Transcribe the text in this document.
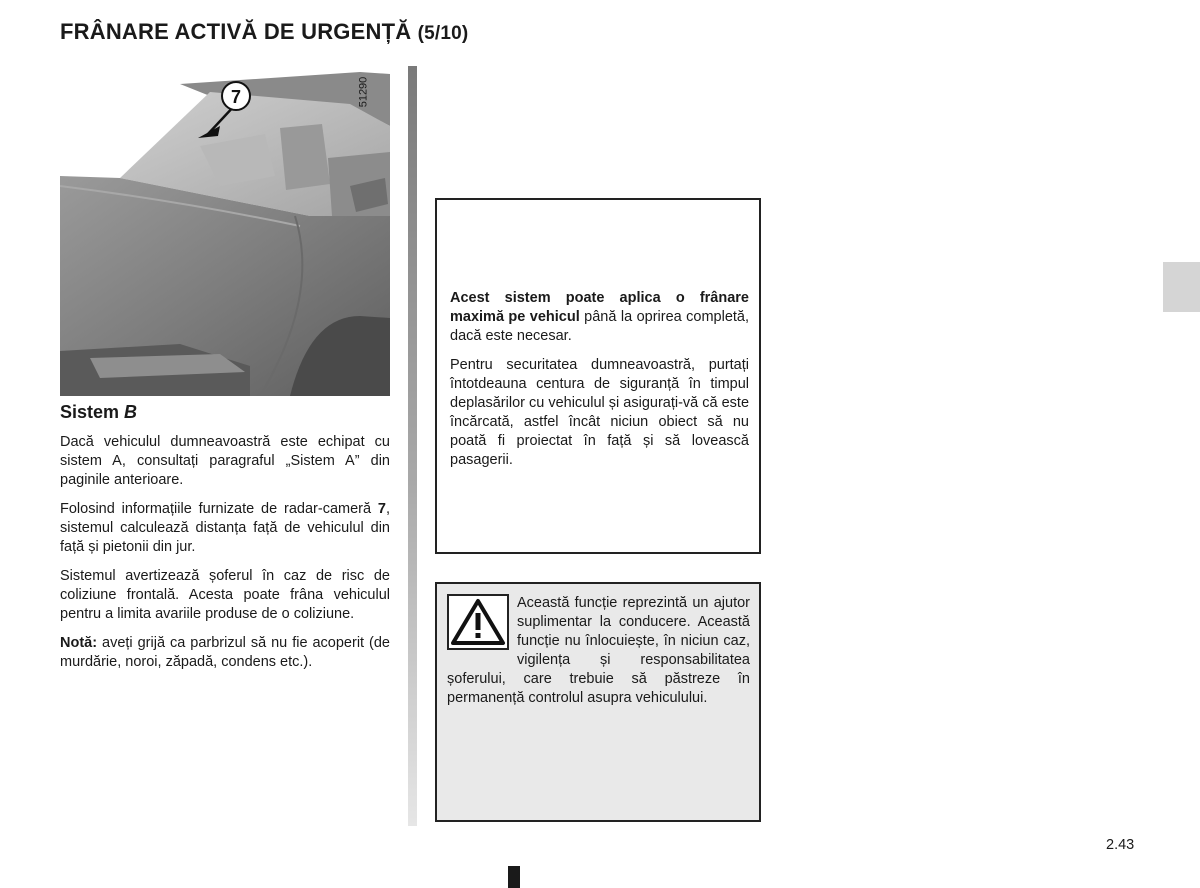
FRÂNARE ACTIVĂ DE URGENȚĂ (5/10)
7	51290
Sistem B

Dacă vehiculul dumneavoastră este echipat cu sistem A, consultați paragraful „Sistem A” din paginile anterioare.

Folosind informațiile furnizate de radar-cameră 7, sistemul calculează distanța față de vehiculul din față și pietonii din jur.

Sistemul avertizează șoferul în caz de risc de coliziune frontală. Acesta poate frâna vehiculul pentru a limita avariile produse de o coliziune.

Notă: aveți grijă ca parbrizul să nu fie acoperit (de murdărie, noroi, zăpadă, condens etc.).

Acest sistem poate aplica o frânare maximă pe vehicul până la oprirea completă, dacă este necesar.

Pentru securitatea dumneavoastră, purtați întotdeauna centura de siguranță în timpul deplasărilor cu vehiculul și asigurați-vă că este încărcată, astfel încât niciun obiect să nu poată fi proiectat în față și să lovească pasagerii.

Această funcție reprezintă un ajutor suplimentar la conducere. Această funcție nu înlocuiește, în niciun caz, vigilența și responsabilitatea șoferului, care trebuie să păstreze în permanență controlul asupra vehiculului.
2.43
